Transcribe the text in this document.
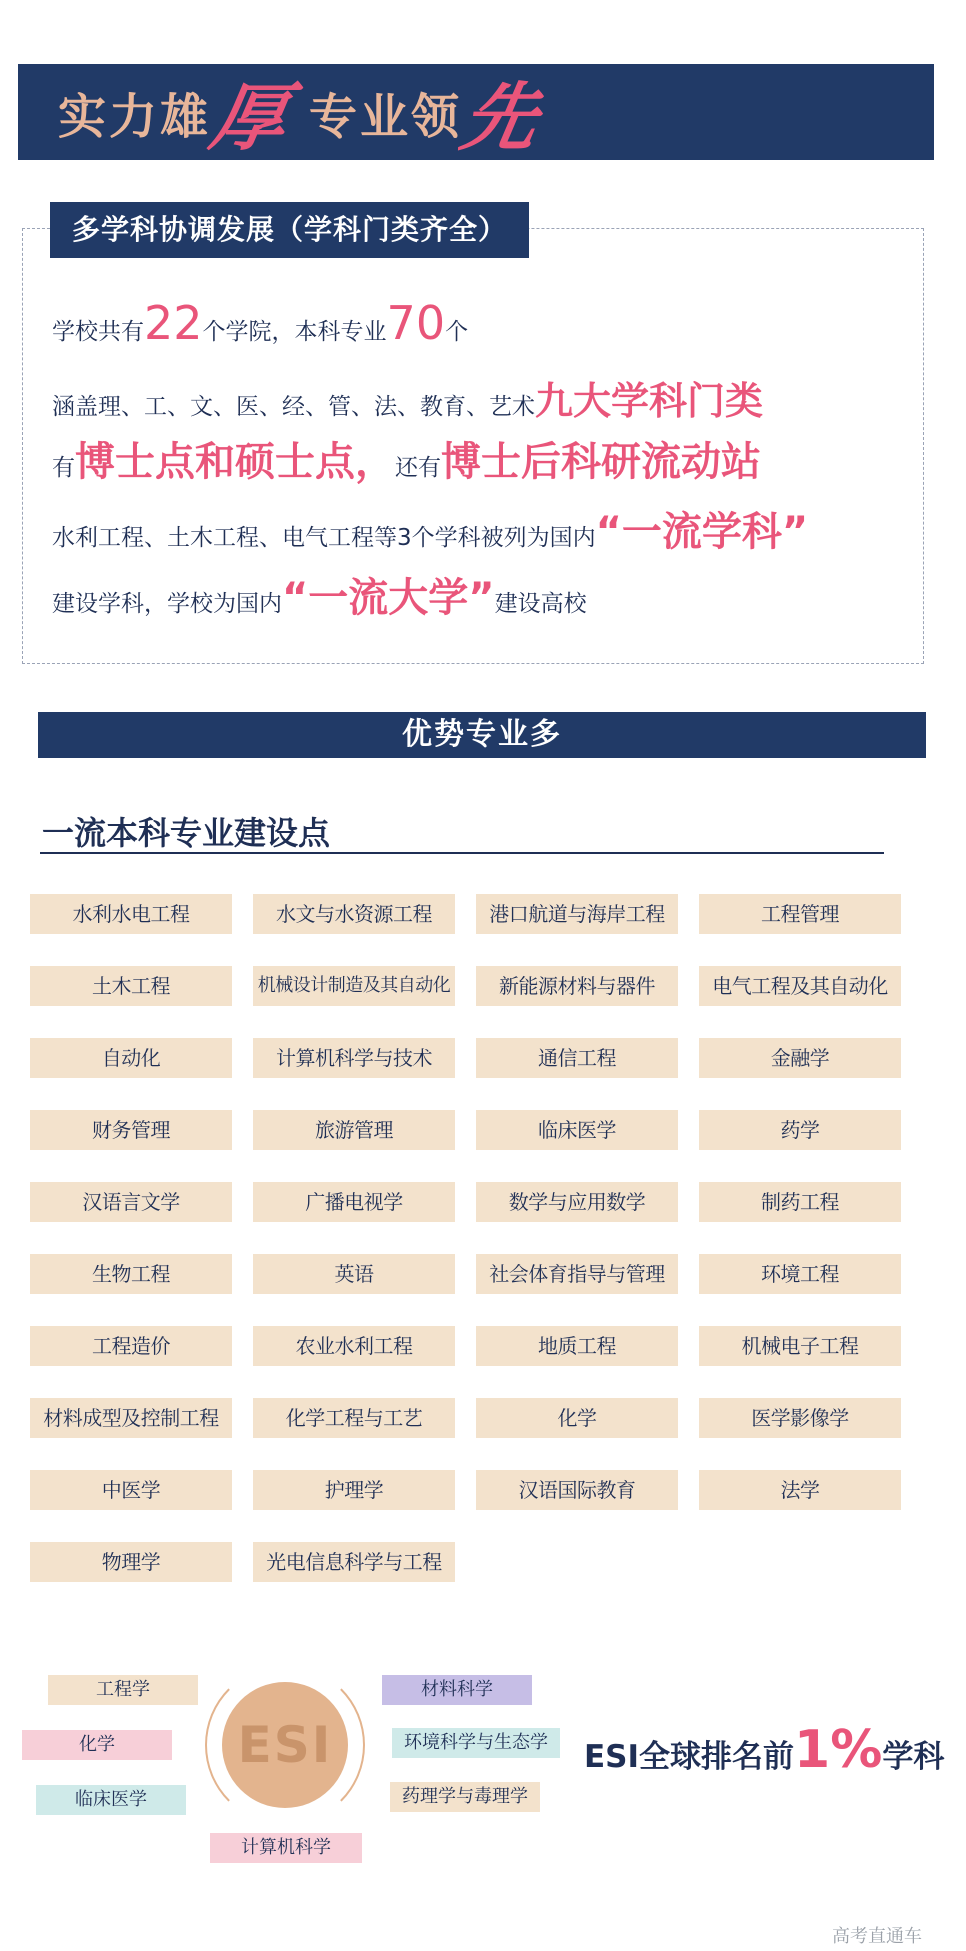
实力雄
厚 专业领
先
多学科协调发展（学科门类齐全）
学校共有22个学院，本科专业70个
涵盖理、工、文、医、经、管、法、教育、艺术九大学科门类
有博士点和硕士点，还有博士后科研流动站
水利工程、土木工程、电气工程等3个学科被列为国内“一流学科”
建设学科，学校为国内“一流大学”建设高校
优势专业多
一流本科专业建设点
水利水电工程	水文与水资源工程	港口航道与海岸工程	工程管理
土木工程	机械设计制造及其自动化	新能源材料与器件	电气工程及其自动化
自动化	计算机科学与技术	通信工程	金融学
财务管理	旅游管理	临床医学	药学
汉语言文学	广播电视学	数学与应用数学	制药工程
生物工程	英语	社会体育指导与管理	环境工程
工程造价	农业水利工程	地质工程	机械电子工程
材料成型及控制工程	化学工程与工艺	化学	医学影像学
中医学	护理学	汉语国际教育	法学
物理学	光电信息科学与工程
ESI
工程学
化学
临床医学
计算机科学
材料科学
环境科学与生态学
药理学与毒理学
ESI全球排名前1%学科
高考直通车
